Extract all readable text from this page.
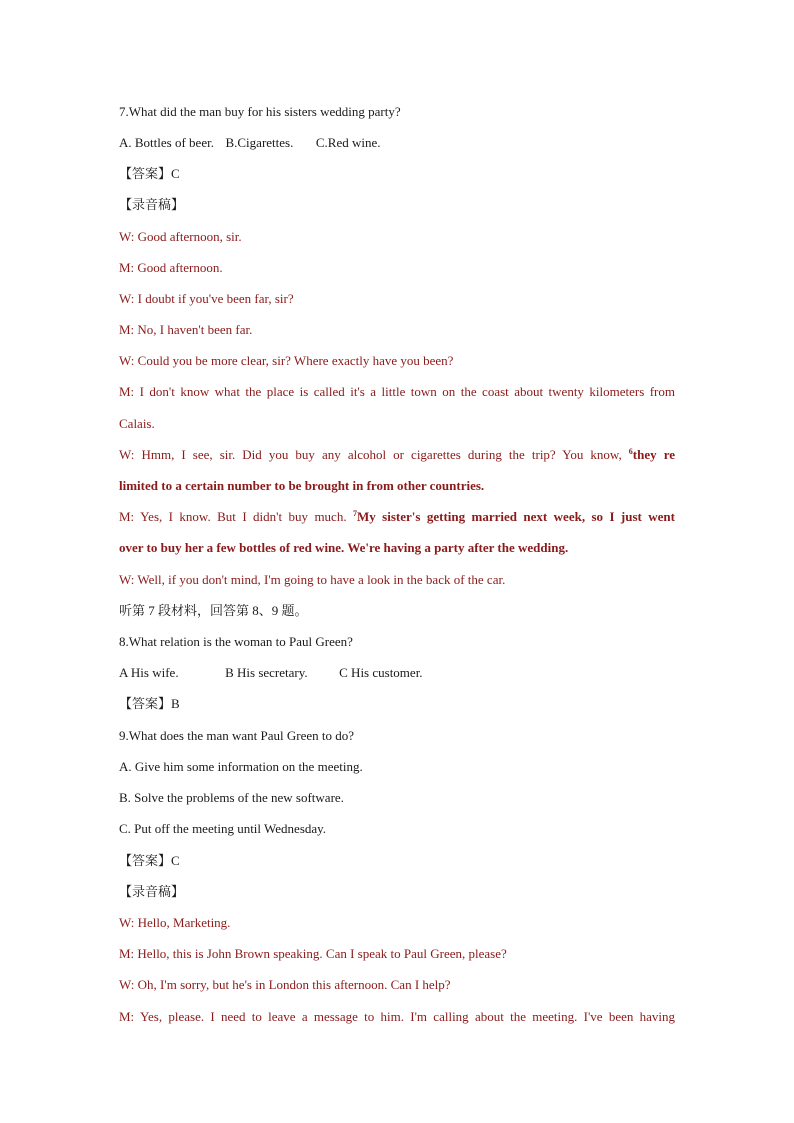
7.What did the man buy for his sisters wedding party?
A. Bottles of beer. B.Cigarettes. C.Red wine.
【答案】C
【录音稿】
W: Good afternoon, sir.
M: Good afternoon.
W: I doubt if you've been far, sir?
M: No, I haven't been far.
W: Could you be more clear, sir? Where exactly have you been?
M: I don't know what the place is called it's a little town on the coast about twenty kilometers from
Calais.
W: Hmm, I see, sir. Did you buy any alcohol or cigarettes during the trip? You know, $^6$they re
limited to a certain number to be brought in from other countries.
M: Yes, I know. But I didn't buy much. $^7$My sister's getting married next week, so I just went
over to buy her a few bottles of red wine. We're having a party after the wedding.
W: Well, if you don't mind, I'm going to have a look in the back of the car.
听第 7 段材料，回答第 8、9 题。
8.What relation is the woman to Paul Green?
A His wife.	B His secretary. C His customer.
【答案】B
9.What does the man want Paul Green to do?
A. Give him some information on the meeting.
B. Solve the problems of the new software.
C. Put off the meeting until Wednesday.
【答案】C
【录音稿】
W: Hello, Marketing.
M: Hello, this is John Brown speaking. Can I speak to Paul Green, please?
W: Oh, I'm sorry, but he's in London this afternoon. Can I help?
M: Yes, please. I need to leave a message to him. I'm calling about the meeting. I've been having
